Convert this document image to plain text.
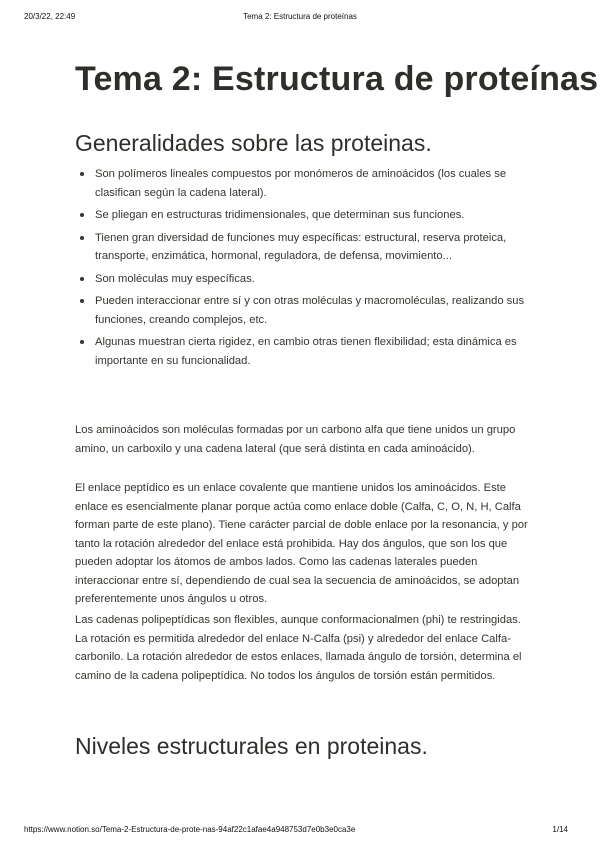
20/3/22, 22:49	Tema 2: Estructura de proteínas
Tema 2: Estructura de proteínas
Generalidades sobre las proteinas.
Son polímeros lineales compuestos por monómeros de aminoácidos (los cuales se clasifican según la cadena lateral).
Se pliegan en estructuras tridimensionales, que determinan sus funciones.
Tienen gran diversidad de funciones muy específicas: estructural, reserva proteica, transporte, enzimática, hormonal, reguladora, de defensa, movimiento...
Son moléculas muy específicas.
Pueden interaccionar entre sí y con otras moléculas y macromoléculas, realizando sus funciones, creando complejos, etc.
Algunas muestran cierta rigidez, en cambio otras tienen flexibilidad; esta dinámica es importante en su funcionalidad.

Los aminoácidos son moléculas formadas por un carbono alfa que tiene unidos un grupo amino, un carboxilo y una cadena lateral (que será distinta en cada aminoácido).

El enlace peptídico es un enlace covalente que mantiene unidos los aminoácidos. Este enlace es esencialmente planar porque actúa como enlace doble (Calfa, C, O, N, H, Calfa forman parte de este plano). Tiene carácter parcial de doble enlace por la resonancia, y por tanto la rotación alrededor del enlace está prohibida. Hay dos ángulos, que son los que pueden adoptar los átomos de ambos lados. Como las cadenas laterales pueden interaccionar entre sí, dependiendo de cual sea la secuencia de aminoácidos, se adoptan preferentemente unos ángulos u otros.

Las cadenas polipeptídicas son flexibles, aunque conformacionalmen (phi) te restringidas. La rotación es permitida alrededor del enlace N-Calfa (psi) y alrededor del enlace Calfa-carbonilo. La rotación alrededor de estos enlaces, llamada ángulo de torsión, determina el camino de la cadena polipeptídica. No todos los ángulos de torsión están permitidos.

Niveles estructurales en proteinas.
https://www.notion.so/Tema-2-Estructura-de-prote-nas-94af22c1afae4a948753d7e0b3e0ca3e	1/14
